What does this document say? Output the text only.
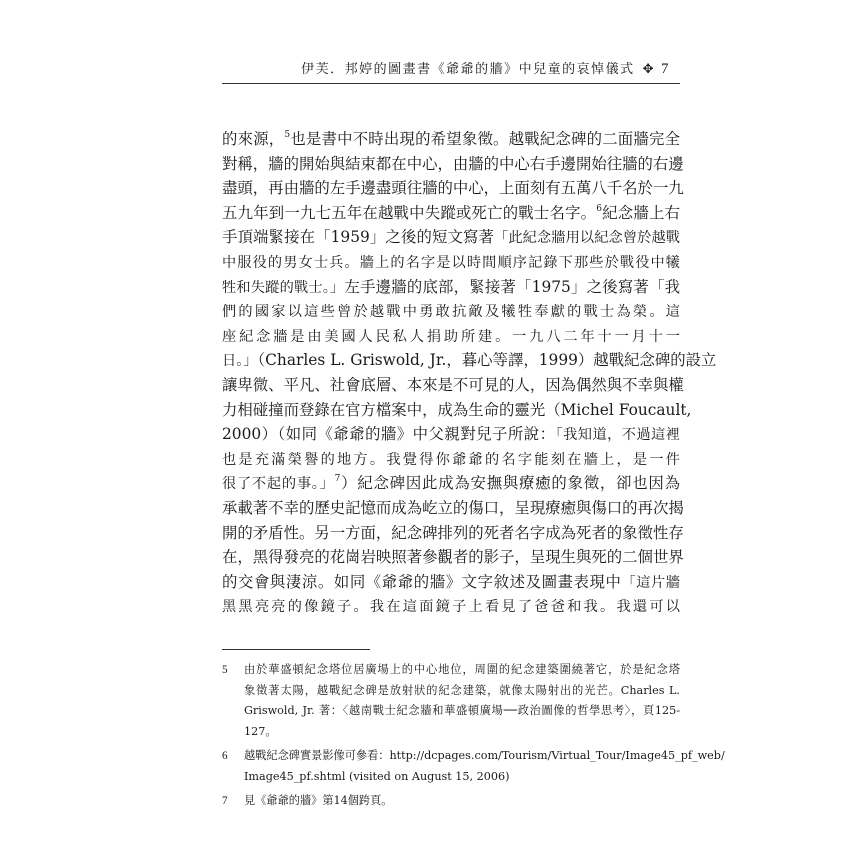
伊芙．邦婷的圖畫書《爺爺的牆》中兒童的哀悼儀式 ✥ 7
的來源，$^5$也是書中不時出現的希望象徵。越戰紀念碑的二面牆完全
對稱，牆的開始與結束都在中心，由牆的中心右手邊開始往牆的右邊
盡頭，再由牆的左手邊盡頭往牆的中心，上面刻有五萬八千名於一九
五九年到一九七五年在越戰中失蹤或死亡的戰士名字。$^6$紀念牆上右
手頂端緊接在「1959」之後的短文寫著「此紀念牆用以紀念曾於越戰
中服役的男女士兵。牆上的名字是以時間順序記錄下那些於戰役中犧
牲和失蹤的戰士。」左手邊牆的底部，緊接著「1975」之後寫著「我
們的國家以這些曾於越戰中勇敢抗敵及犧牲奉獻的戰士為榮。這
座紀念牆是由美國人民私人捐助所建。一九八二年十一月十一
日。」（Charles L. Griswold, Jr.，暮心等譯，1999）越戰紀念碑的設立
讓卑微、平凡、社會底層、本來是不可見的人，因為偶然與不幸與權
力相碰撞而登錄在官方檔案中，成為生命的靈光（Michel Foucault,
2000）（如同《爺爺的牆》中父親對兒子所說：「我知道，不過這裡
也是充滿榮譽的地方。我覺得你爺爺的名字能刻在牆上，是一件
很了不起的事。」$^7$）紀念碑因此成為安撫與療癒的象徵，卻也因為
承載著不幸的歷史記憶而成為屹立的傷口，呈現療癒與傷口的再次揭
開的矛盾性。另一方面，紀念碑排列的死者名字成為死者的象徵性存
在，黑得發亮的花崗岩映照著參觀者的影子，呈現生與死的二個世界
的交會與淒涼。如同《爺爺的牆》文字敘述及圖畫表現中「這片牆
黑黑亮亮的像鏡子。我在這面鏡子上看見了爸爸和我。我還可以
5	由於華盛頓紀念塔位居廣場上的中心地位，周圍的紀念建築圍繞著它，於是紀念塔
象徵著太陽，越戰紀念碑是放射狀的紀念建築，就像太陽射出的光芒。Charles L.
Griswold, Jr. 著：〈越南戰士紀念牆和華盛頓廣場──政治圖像的哲學思考〉，頁125-
127。
6	越戰紀念碑實景影像可參看：http://dcpages.com/Tourism/Virtual_Tour/Image45_pf_web/
Image45_pf.shtml (visited on August 15, 2006)
7	見《爺爺的牆》第14個跨頁。
